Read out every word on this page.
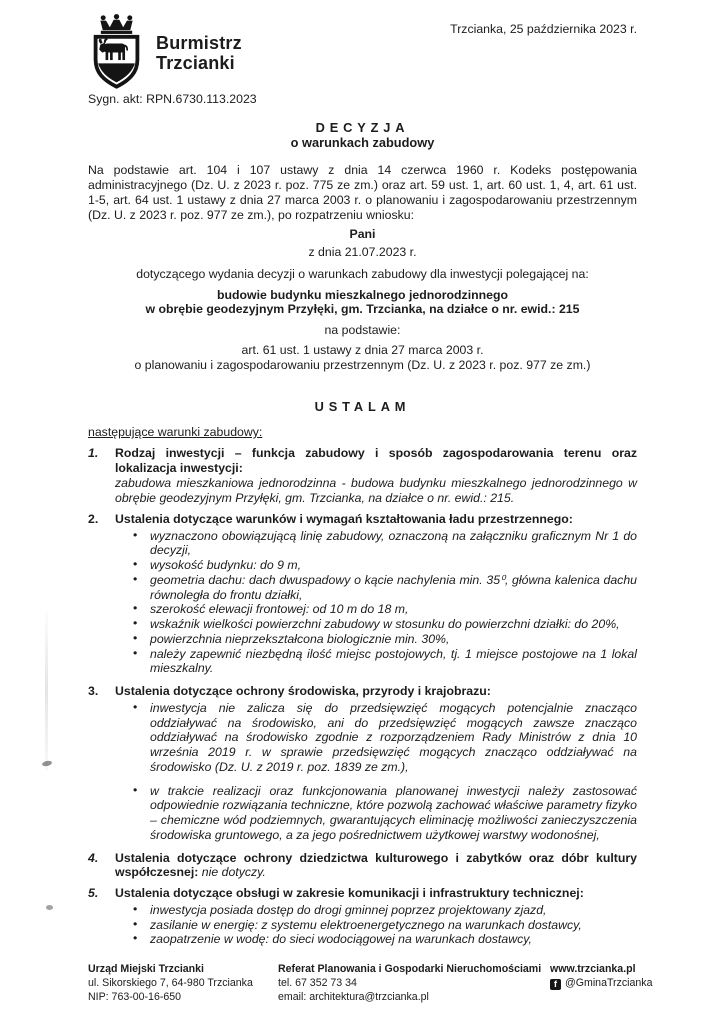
Burmistrz
Trzcianki
Trzcianka, 25 października 2023 r.
Sygn. akt: RPN.6730.113.2023
DECYZJA
o warunkach zabudowy

Na podstawie art. 104 i 107 ustawy z dnia 14 czerwca 1960 r. Kodeks postępowania administracyjnego (Dz. U. z 2023 r. poz. 775 ze zm.) oraz art. 59 ust. 1, art. 60 ust. 1, 4, art. 61 ust. 1-5, art. 64 ust. 1 ustawy z dnia 27 marca 2003 r. o planowaniu i zagospodarowaniu przestrzennym (Dz. U. z 2023 r. poz. 977 ze zm.), po rozpatrzeniu wniosku:

Pani

z dnia 21.07.2023 r.

dotyczącego wydania decyzji o warunkach zabudowy dla inwestycji polegającej na:

budowie budynku mieszkalnego jednorodzinnego
w obrębie geodezyjnym Przyłęki, gm. Trzcianka, na działce o nr. ewid.: 215

na podstawie:

art. 61 ust. 1 ustawy z dnia 27 marca 2003 r.
o planowaniu i zagospodarowaniu przestrzennym (Dz. U. z 2023 r. poz. 977 ze zm.)
USTALAM

następujące warunki zabudowy:

1.	Rodzaj inwestycji – funkcja zabudowy i sposób zagospodarowania terenu oraz lokalizacja inwestycji:
zabudowa mieszkaniowa jednorodzinna - budowa budynku mieszkalnego jednorodzinnego w obrębie geodezyjnym Przyłęki, gm. Trzcianka, na działce o nr. ewid.: 215.
2.	Ustalenia dotyczące warunków i wymagań kształtowania ładu przestrzennego:
• wyznaczono obowiązującą linię zabudowy, oznaczoną na załączniku graficznym Nr 1 do decyzji,
• wysokość budynku: do 9 m,
• geometria dachu: dach dwuspadowy o kącie nachylenia min. 35⁰, główna kalenica dachu równoległa do frontu działki,
• szerokość elewacji frontowej: od 10 m do 18 m,
• wskaźnik wielkości powierzchni zabudowy w stosunku do powierzchni działki: do 20%,
• powierzchnia nieprzekształcona biologicznie min. 30%,
• należy zapewnić niezbędną ilość miejsc postojowych, tj. 1 miejsce postojowe na 1 lokal mieszkalny.
3.	Ustalenia dotyczące ochrony środowiska, przyrody i krajobrazu:
• inwestycja nie zalicza się do przedsięwzięć mogących potencjalnie znacząco oddziaływać na środowisko, ani do przedsięwzięć mogących zawsze znacząco oddziaływać na środowisko zgodnie z rozporządzeniem Rady Ministrów z dnia 10 września 2019 r. w sprawie przedsięwzięć mogących znacząco oddziaływać na środowisko (Dz. U. z 2019 r. poz. 1839 ze zm.),
• w trakcie realizacji oraz funkcjonowania planowanej inwestycji należy zastosować odpowiednie rozwiązania techniczne, które pozwolą zachować właściwe parametry fizyko – chemiczne wód podziemnych, gwarantujących eliminację możliwości zanieczyszczenia środowiska gruntowego, a za jego pośrednictwem użytkowej warstwy wodonośnej,
4.	Ustalenia dotyczące ochrony dziedzictwa kulturowego i zabytków oraz dóbr kultury współczesnej: nie dotyczy.
5.	Ustalenia dotyczące obsługi w zakresie komunikacji i infrastruktury technicznej:
• inwestycja posiada dostęp do drogi gminnej poprzez projektowany zjazd,
• zasilanie w energię: z systemu elektroenergetycznego na warunkach dostawcy,
• zaopatrzenie w wodę: do sieci wodociągowej na warunkach dostawcy,
Urząd Miejski Trzcianki
ul. Sikorskiego 7, 64-980 Trzcianka
NIP: 763-00-16-650
Referat Planowania i Gospodarki Nieruchomościami
tel. 67 352 73 34
email: architektura@trzcianka.pl
www.trzcianka.pl
f @GminaTrzcianka
